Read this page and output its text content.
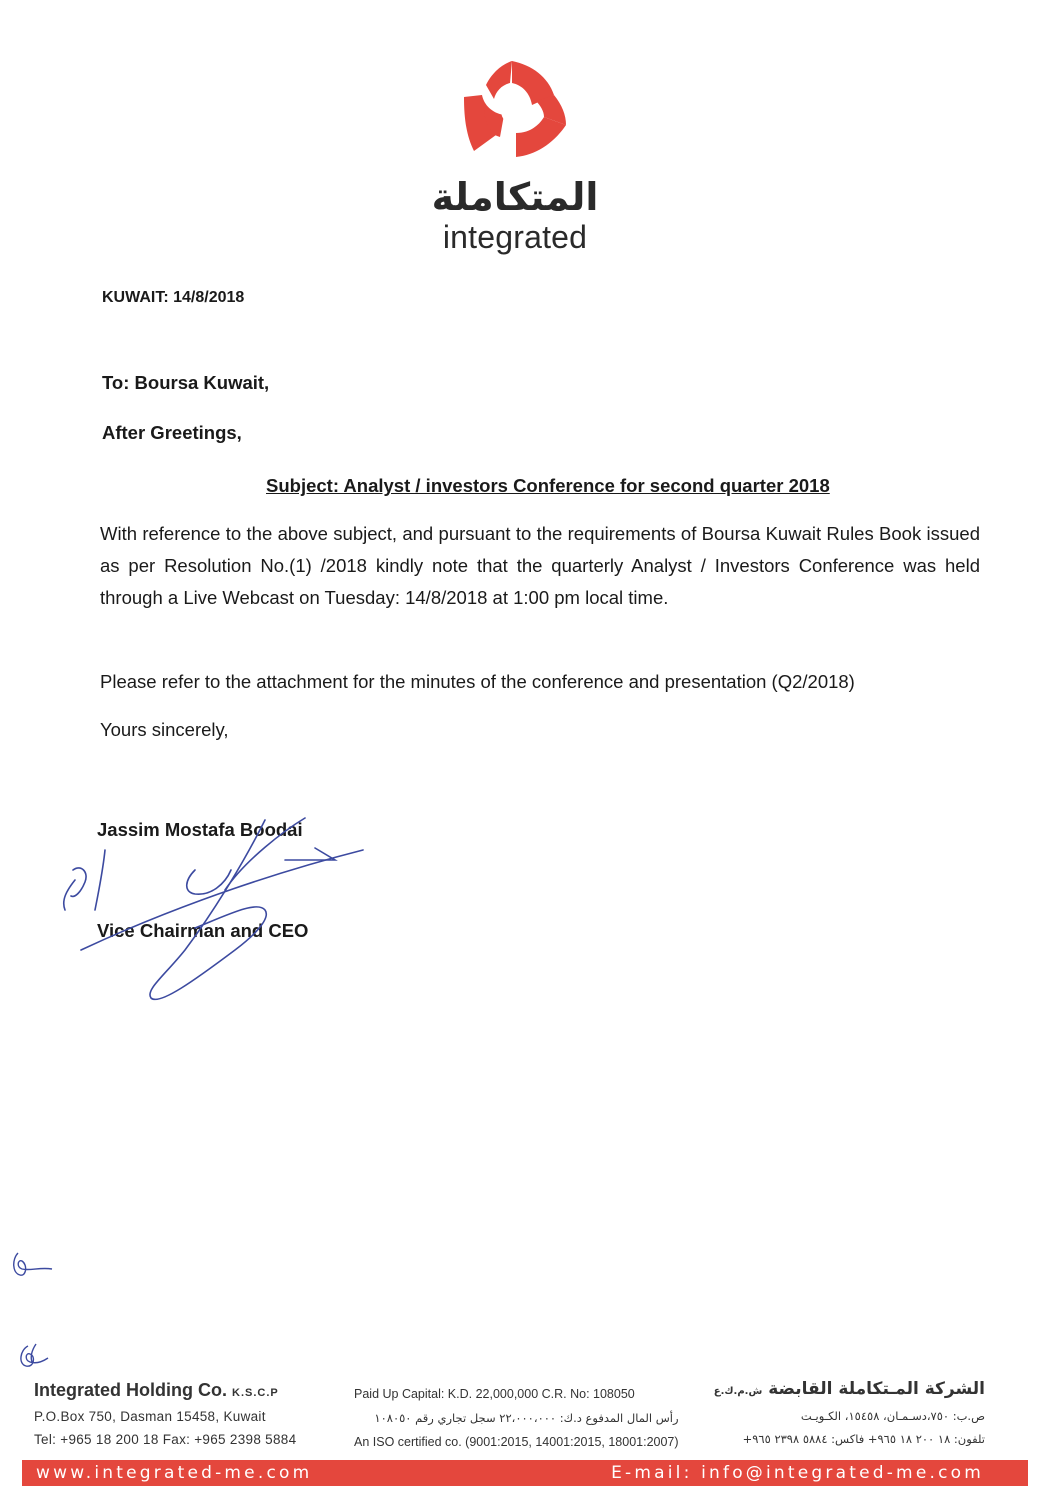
المتكاملة
integrated
KUWAIT: 14/8/2018
To: Boursa Kuwait,
After Greetings,
Subject: Analyst / investors Conference for second quarter 2018
With reference to the above subject, and pursuant to the requirements of Boursa Kuwait Rules Book issued as per Resolution No.(1) /2018 kindly note that the quarterly Analyst / Investors Conference was held through a Live Webcast on Tuesday: 14/8/2018 at 1:00 pm local time.
Please refer to the attachment for the minutes of the conference and presentation (Q2/2018)
Yours sincerely,
Jassim Mostafa Boodai
Vice Chairman and CEO
Integrated Holding Co. K.S.C.P
P.O.Box 750, Dasman 15458, Kuwait
Tel: +965 18 200 18 Fax: +965 2398 5884
Paid Up Capital: K.D. 22,000,000 C.R. No: 108050
رأس المال المدفوع د.ك: ٢٢،٠٠٠،٠٠٠ سجل تجاري رقم ١٠٨٠٥٠
An ISO certified co. (9001:2015, 14001:2015, 18001:2007)
الشركة المـتكاملة القابضة ش.م.ك.ع
ص.ب: ٧٥٠،دسـمـان، ١٥٤٥٨، الكـويـت
تلفون: ١٨ ٢٠٠ ١٨ ٩٦٥+ فاكس: ٥٨٨٤ ٢٣٩٨ ٩٦٥+
www.integrated-me.com	E-mail: info@integrated-me.com
